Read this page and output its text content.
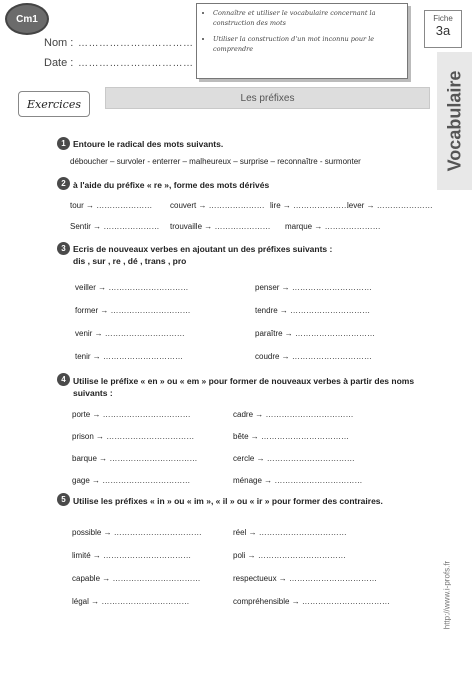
Cm1
Nom : ……………………………
Date : ……………………………
• Connaître et utiliser le vocabulaire concernant la construction des mots
• Utiliser la construction d'un mot inconnu pour le comprendre
Fiche
3a
Vocabulaire
Exercices	Les préfixes
1 Entoure le radical des mots suivants.
déboucher – survoler - enterrer – malheureux – surprise – reconnaître - surmonter
2 à l'aide du préfixe « re », forme des mots dérivés
tour → ………………… couvert → ………………… lire → …………………
lever → …………………
Sentir → ………………… trouvaille → ………………… marque → …………………
3 Ecris de nouveaux verbes en ajoutant un des préfixes suivants :
dis , sur , re , dé , trans , pro
veiller → …………………………
former → …………………………
venir → …………………………
tenir → …………………………
penser → …………………………
tendre → …………………………
paraître → …………………………
coudre → …………………………
4 Utilise le préfixe « en » ou « em » pour former de nouveaux verbes à partir des noms
suivants :
porte → ……………………………
prison → ……………………………
barque → ……………………………
gage → ……………………………
cadre → ……………………………
bête → ……………………………
cercle → ……………………………
ménage → ……………………………
5 Utilise les préfixes « in » ou « im », « il » ou « ir » pour former des contraires.
possible → ……………………………
limité → ……………………………
capable → ……………………………
légal → ……………………………
réel → ……………………………
poli → ……………………………
respectueux → ……………………………
compréhensible → ……………………………	http://www.i-profs.fr
